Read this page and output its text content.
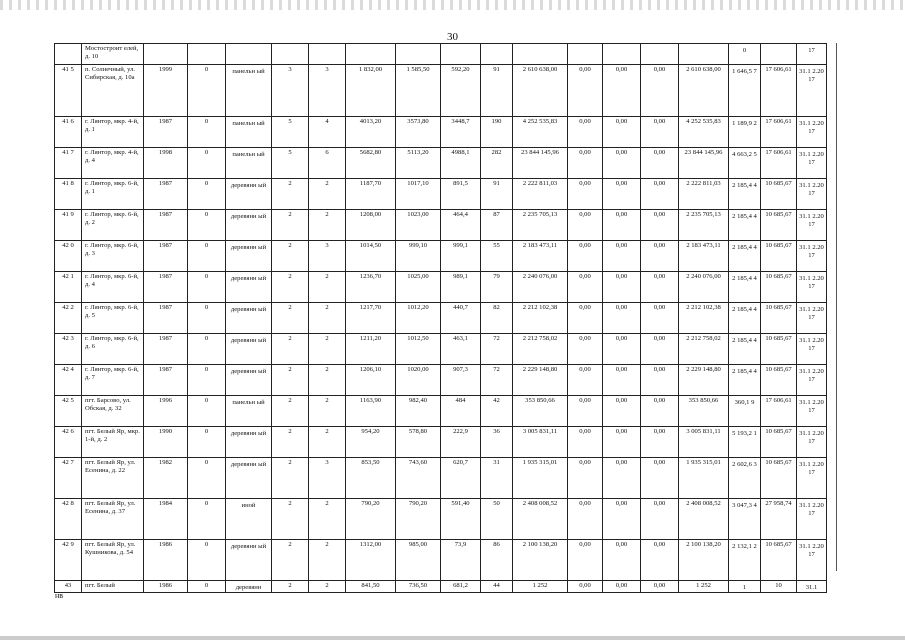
30
	Мостостроит елей, д. 10															0		17
41 5	п. Солнечный, ул. Сибирская, д. 10а	1999	0	панельн ый	3	3	1 832,00	1 585,50	592,20	91	2 610 638,00	0,00	0,00	0,00	2 610 638,00	1 646,5 7	17 606,61	31.1 2.20 17
41 6	г. Лянтор, мкр. 4-й, д. 1	1987	0	панельн ый	5	4	4013,20	3573,80	3448,7	190	4 252 535,83	0,00	0,00	0,00	4 252 535,83	1 189,9 2	17 606,61	31.1 2.20 17
41 7	г. Лянтор, мкр. 4-й, д. 4	1998	0	панельн ый	5	6	5682,80	5113,20	4988,1	282	23 844 145,96	0,00	0,00	0,00	23 844 145,96	4 663,2 5	17 606,61	31.1 2.20 17
41 8	г. Лянтор, мкр. 6-й, д. 1	1987	0	деревянн ый	2	2	1187,70	1017,10	891,5	91	2 222 811,03	0,00	0,00	0,00	2 222 811,03	2 185,4 4	10 685,67	31.1 2.20 17
41 9	г. Лянтор, мкр. 6-й, д. 2	1987	0	деревянн ый	2	2	1208,00	1023,00	464,4	87	2 235 705,13	0,00	0,00	0,00	2 235 705,13	2 185,4 4	10 685,67	31.1 2.20 17
42 0	г. Лянтор, мкр. 6-й, д. 3	1987	0	деревянн ый	2	3	1014,50	999,10	999,1	55	2 183 473,11	0,00	0,00	0,00	2 183 473,11	2 185,4 4	10 685,67	31.1 2.20 17
42 1	г. Лянтор, мкр. 6-й, д. 4	1987	0	деревянн ый	2	2	1236,70	1025,00	989,1	79	2 240 076,00	0,00	0,00	0,00	2 240 076,00	2 185,4 4	10 685,67	31.1 2.20 17
42 2	г. Лянтор, мкр. 6-й, д. 5	1987	0	деревянн ый	2	2	1217,70	1012,20	440,7	82	2 212 102,38	0,00	0,00	0,00	2 212 102,38	2 185,4 4	10 685,67	31.1 2.20 17
42 3	г. Лянтор, мкр. 6-й, д. 6	1987	0	деревянн ый	2	2	1211,20	1012,50	463,1	72	2 212 758,02	0,00	0,00	0,00	2 212 758,02	2 185,4 4	10 685,67	31.1 2.20 17
42 4	г. Лянтор, мкр. 6-й, д. 7	1987	0	деревянн ый	2	2	1206,10	1020,00	907,3	72	2 229 148,80	0,00	0,00	0,00	2 229 148,80	2 185,4 4	10 685,67	31.1 2.20 17
42 5	пгт. Барсово, ул. Обская, д. 32	1996	0	панельн ый	2	2	1163,90	982,40	484	42	353 850,66	0,00	0,00	0,00	353 850,66	360,1 9	17 606,61	31.1 2.20 17
42 6	пгт. Белый Яр, мкр. 1-й, д. 2	1990	0	деревянн ый	2	2	954,20	578,80	222,9	36	3 005 831,11	0,00	0,00	0,00	3 005 831,11	5 193,2 1	10 685,67	31.1 2.20 17
42 7	пгт. Белый Яр, ул. Есенина, д. 22	1982	0	деревянн ый	2	3	853,50	743,60	620,7	31	1 935 315,01	0,00	0,00	0,00	1 935 315,01	2 602,6 3	10 685,67	31.1 2.20 17
42 8	пгт. Белый Яр, ул. Есенина, д. 37	1984	0	иной	2	2	790,20	790,20	591,40	50	2 408 008,52	0,00	0,00	0,00	2 408 008,52	3 047,3 4	27 958,74	31.1 2.20 17
42 9	пгт. Белый Яр, ул. Кушникова, д. 54	1986	0	деревянн ый	2	2	1312,00	985,00	73,9	86	2 100 138,20	0,00	0,00	0,00	2 100 138,20	2 132,1 2	10 685,67	31.1 2.20 17
43	пгт. Белый	1986	0	деревянн	2	2	841,50	736,50	681,2	44	1 252	0,00	0,00	0,00	1 252	1	10	31.1
нв
